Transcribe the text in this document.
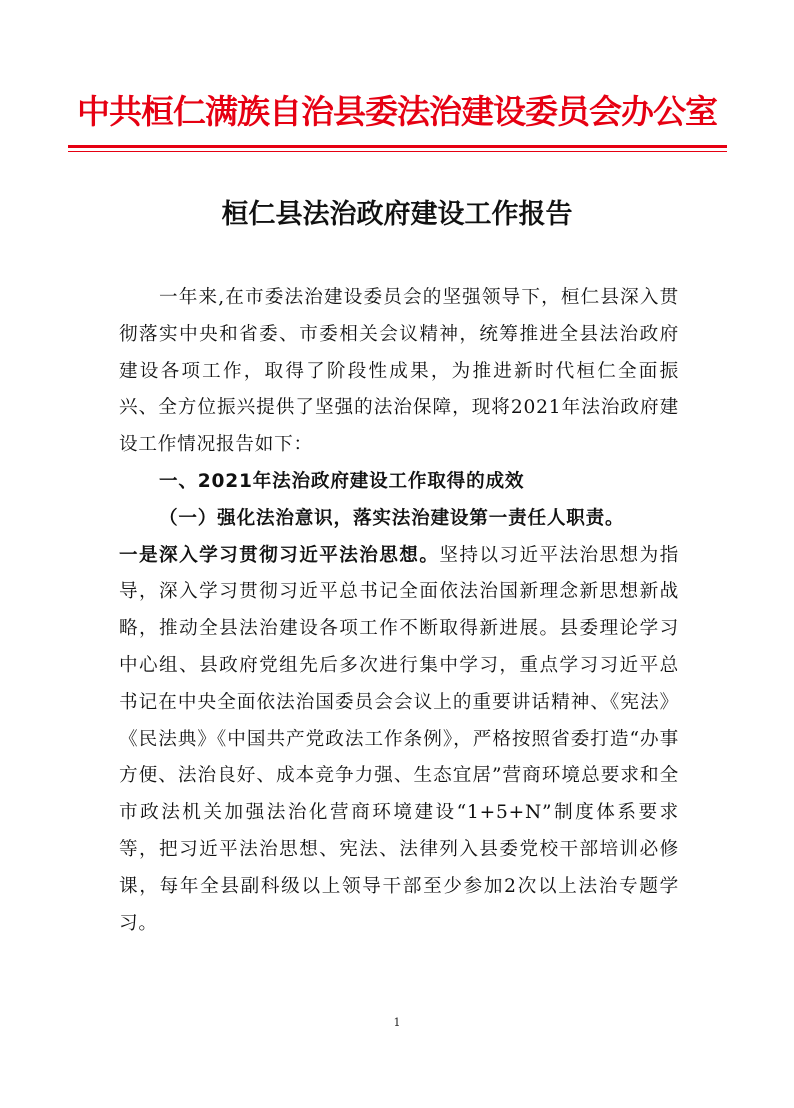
中共桓仁满族自治县委法治建设委员会办公室
桓仁县法治政府建设工作报告

一年来,在市委法治建设委员会的坚强领导下，桓仁县深入贯彻落实中央和省委、市委相关会议精神，统筹推进全县法治政府建设各项工作，取得了阶段性成果，为推进新时代桓仁全面振兴、全方位振兴提供了坚强的法治保障，现将2021年法治政府建设工作情况报告如下：

一、2021年法治政府建设工作取得的成效

（一）强化法治意识，落实法治建设第一责任人职责。

一是深入学习贯彻习近平法治思想。坚持以习近平法治思想为指导，深入学习贯彻习近平总书记全面依法治国新理念新思想新战略，推动全县法治建设各项工作不断取得新进展。县委理论学习中心组、县政府党组先后多次进行集中学习，重点学习习近平总书记在中央全面依法治国委员会会议上的重要讲话精神、《宪法》《民法典》《中国共产党政法工作条例》，严格按照省委打造“办事方便、法治良好、成本竞争力强、生态宜居”营商环境总要求和全市政法机关加强法治化营商环境建设“1+5+N”制度体系要求等，把习近平法治思想、宪法、法律列入县委党校干部培训必修课，每年全县副科级以上领导干部至少参加2次以上法治专题学习。

1
